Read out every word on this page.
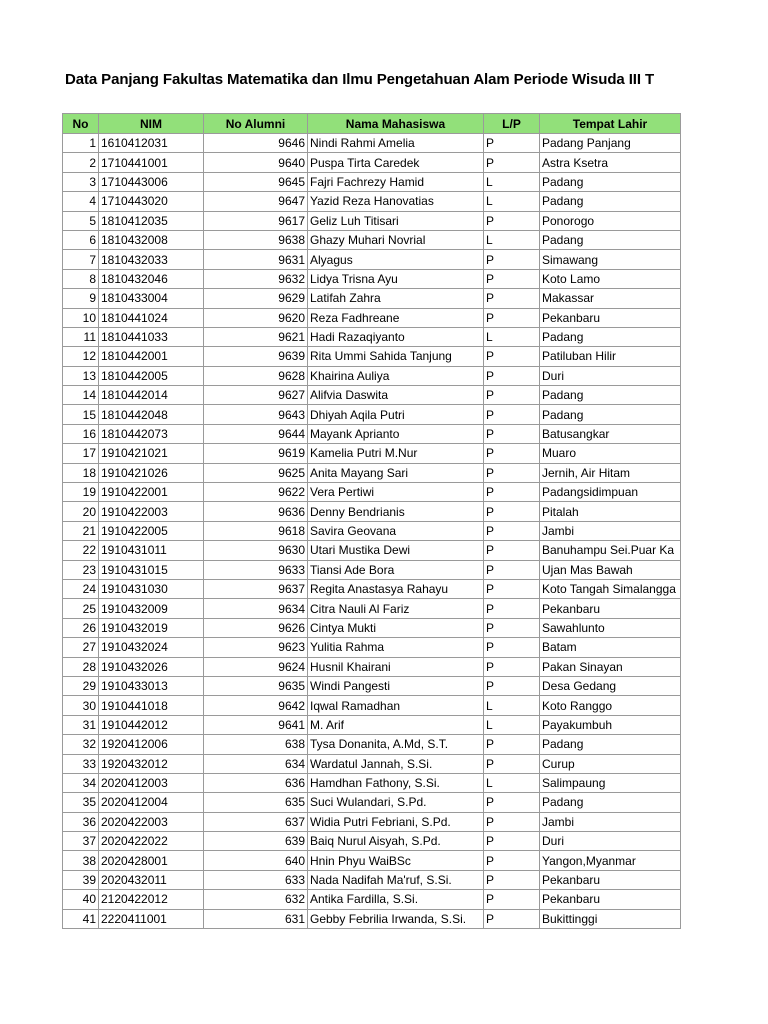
Data Panjang Fakultas Matematika dan Ilmu Pengetahuan Alam Periode Wisuda III T
No	NIM	No Alumni	Nama Mahasiswa	L/P	Tempat Lahir
1	1610412031	9646	Nindi Rahmi Amelia	P	Padang Panjang
2	1710441001	9640	Puspa Tirta Caredek	P	Astra Ksetra
3	1710443006	9645	Fajri Fachrezy Hamid	L	Padang
4	1710443020	9647	Yazid Reza Hanovatias	L	Padang
5	1810412035	9617	Geliz Luh Titisari	P	Ponorogo
6	1810432008	9638	Ghazy Muhari Novrial	L	Padang
7	1810432033	9631	Alyagus	P	Simawang
8	1810432046	9632	Lidya Trisna Ayu	P	Koto Lamo
9	1810433004	9629	Latifah Zahra	P	Makassar
10	1810441024	9620	Reza Fadhreane	P	Pekanbaru
11	1810441033	9621	Hadi Razaqiyanto	L	Padang
12	1810442001	9639	Rita Ummi Sahida Tanjung	P	Patiluban Hilir
13	1810442005	9628	Khairina Auliya	P	Duri
14	1810442014	9627	Alifvia Daswita	P	Padang
15	1810442048	9643	Dhiyah Aqila Putri	P	Padang
16	1810442073	9644	Mayank Aprianto	P	Batusangkar
17	1910421021	9619	Kamelia Putri M.Nur	P	Muaro
18	1910421026	9625	Anita Mayang Sari	P	Jernih, Air Hitam
19	1910422001	9622	Vera Pertiwi	P	Padangsidimpuan
20	1910422003	9636	Denny Bendrianis	P	Pitalah
21	1910422005	9618	Savira Geovana	P	Jambi
22	1910431011	9630	Utari Mustika Dewi	P	Banuhampu Sei.Puar Ka
23	1910431015	9633	Tiansi Ade Bora	P	Ujan Mas Bawah
24	1910431030	9637	Regita Anastasya Rahayu	P	Koto Tangah Simalangga
25	1910432009	9634	Citra Nauli Al Fariz	P	Pekanbaru
26	1910432019	9626	Cintya Mukti	P	Sawahlunto
27	1910432024	9623	Yulitia Rahma	P	Batam
28	1910432026	9624	Husnil Khairani	P	Pakan Sinayan
29	1910433013	9635	Windi Pangesti	P	Desa Gedang
30	1910441018	9642	Iqwal Ramadhan	L	Koto Ranggo
31	1910442012	9641	M. Arif	L	Payakumbuh
32	1920412006	638	Tysa Donanita, A.Md, S.T.	P	Padang
33	1920432012	634	Wardatul Jannah, S.Si.	P	Curup
34	2020412003	636	Hamdhan Fathony, S.Si.	L	Salimpaung
35	2020412004	635	Suci Wulandari, S.Pd.	P	Padang
36	2020422003	637	Widia Putri Febriani, S.Pd.	P	Jambi
37	2020422022	639	Baiq Nurul Aisyah, S.Pd.	P	Duri
38	2020428001	640	Hnin Phyu WaiBSc	P	Yangon,Myanmar
39	2020432011	633	Nada Nadifah Ma'ruf, S.Si.	P	Pekanbaru
40	2120422012	632	Antika Fardilla, S.Si.	P	Pekanbaru
41	2220411001	631	Gebby Febrilia Irwanda, S.Si.	P	Bukittinggi
